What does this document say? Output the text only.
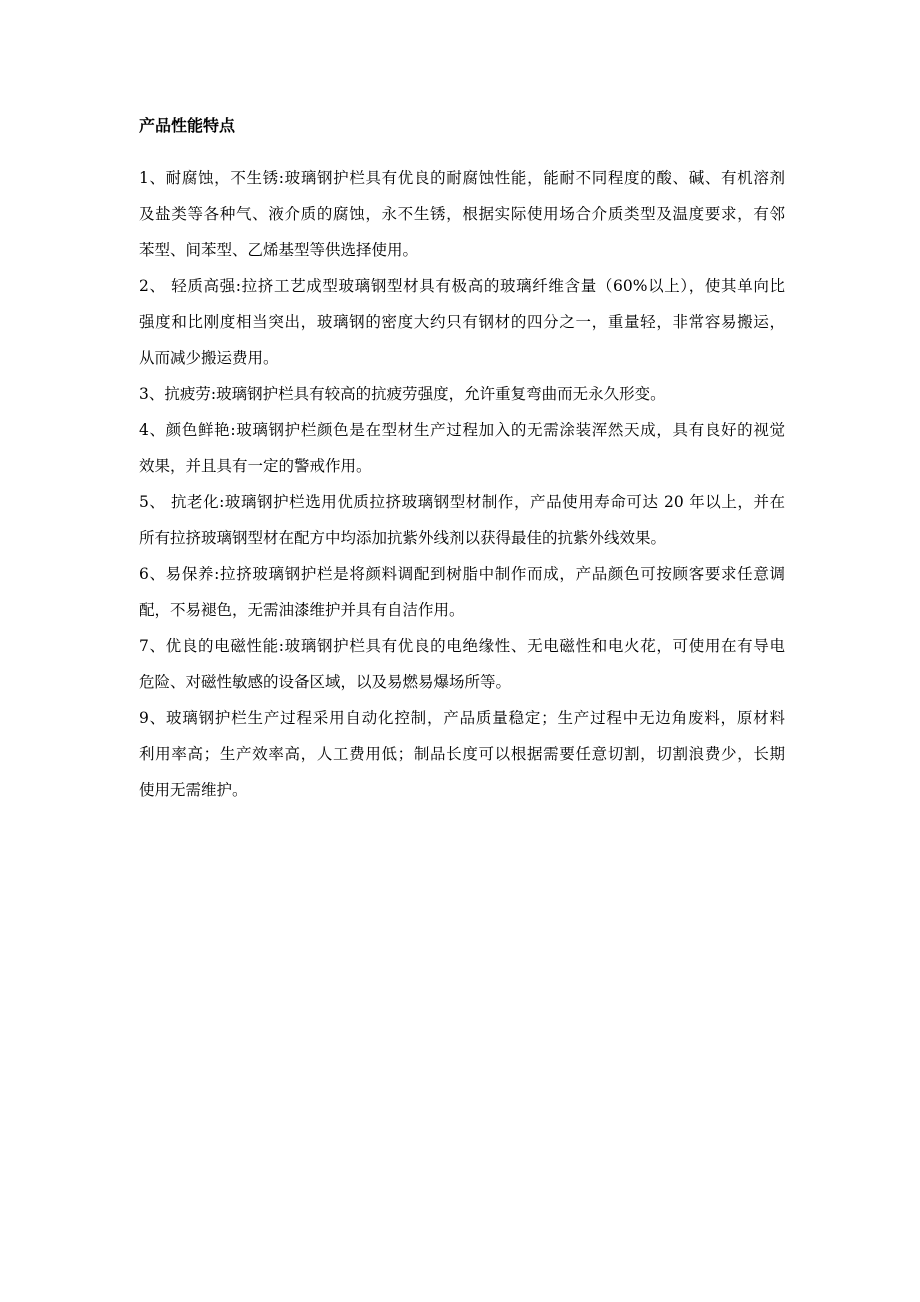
产品性能特点
1、耐腐蚀，不生锈:玻璃钢护栏具有优良的耐腐蚀性能，能耐不同程度的酸、碱、有机溶剂
及盐类等各种气、液介质的腐蚀，永不生锈，根据实际使用场合介质类型及温度要求，有邻
苯型、间苯型、乙烯基型等供选择使用。
2、 轻质高强:拉挤工艺成型玻璃钢型材具有极高的玻璃纤维含量（60%以上），使其单向比
强度和比刚度相当突出，玻璃钢的密度大约只有钢材的四分之一，重量轻，非常容易搬运，
从而减少搬运费用。
3、抗疲劳:玻璃钢护栏具有较高的抗疲劳强度，允许重复弯曲而无永久形变。
4、颜色鲜艳:玻璃钢护栏颜色是在型材生产过程加入的无需涂装浑然天成，具有良好的视觉
效果，并且具有一定的警戒作用。
5、 抗老化:玻璃钢护栏选用优质拉挤玻璃钢型材制作，产品使用寿命可达 20 年以上，并在
所有拉挤玻璃钢型材在配方中均添加抗紫外线剂以获得最佳的抗紫外线效果。
6、易保养:拉挤玻璃钢护栏是将颜料调配到树脂中制作而成，产品颜色可按顾客要求任意调
配，不易褪色，无需油漆维护并具有自洁作用。
7、优良的电磁性能:玻璃钢护栏具有优良的电绝缘性、无电磁性和电火花，可使用在有导电
危险、对磁性敏感的设备区域，以及易燃易爆场所等。
9、玻璃钢护栏生产过程采用自动化控制，产品质量稳定；生产过程中无边角废料，原材料
利用率高；生产效率高，人工费用低；制品长度可以根据需要任意切割，切割浪费少，长期
使用无需维护。
